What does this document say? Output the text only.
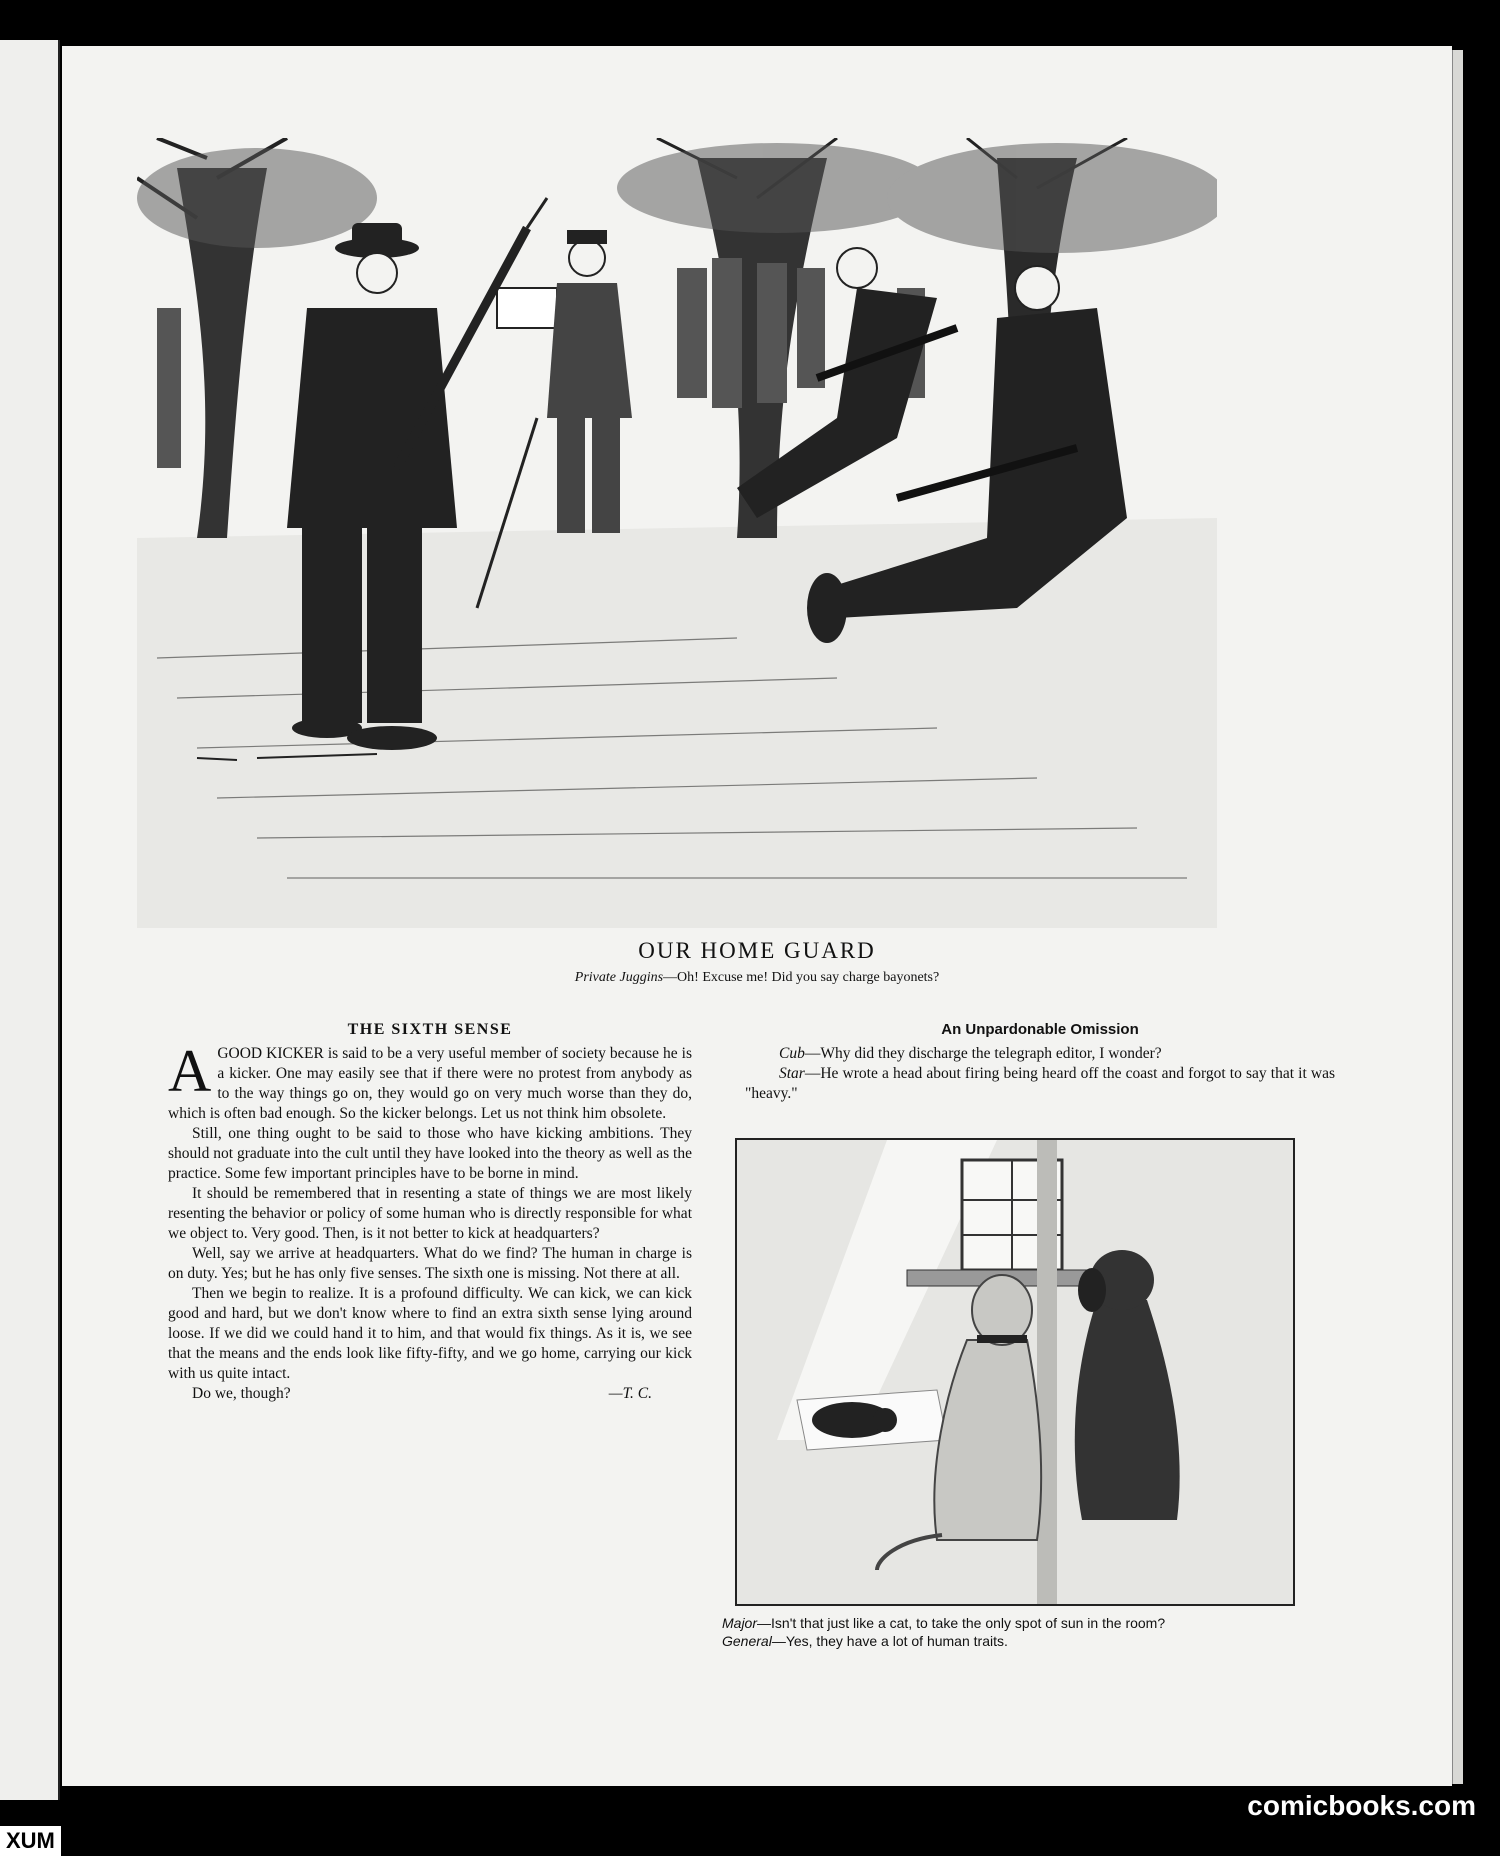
OUR HOME GUARD
Private Juggins—Oh! Excuse me! Did you say charge bayonets?
THE SIXTH SENSE

AGOOD KICKER is said to be a very useful member of society because he is a kicker. One may easily see that if there were no protest from anybody as to the way things go on, they would go on very much worse than they do, which is often bad enough. So the kicker belongs. Let us not think him obsolete.

Still, one thing ought to be said to those who have kicking ambitions. They should not graduate into the cult until they have looked into the theory as well as the practice. Some few important principles have to be borne in mind.

It should be remembered that in resenting a state of things we are most likely resenting the behavior or policy of some human who is directly responsible for what we object to. Very good. Then, is it not better to kick at headquarters?

Well, say we arrive at headquarters. What do we find? The human in charge is on duty. Yes; but he has only five senses. The sixth one is missing. Not there at all.

Then we begin to realize. It is a profound difficulty. We can kick, we can kick good and hard, but we don't know where to find an extra sixth sense lying around loose. If we did we could hand it to him, and that would fix things. As it is, we see that the means and the ends look like fifty-fifty, and we go home, carrying our kick with us quite intact.

Do we, though?	—T. C.
An Unpardonable Omission

Cub—Why did they discharge the telegraph editor, I wonder?

Star—He wrote a head about firing being heard off the coast and forgot to say that it was "heavy."

Major—Isn't that just like a cat, to take the only spot of sun in the room?
General—Yes, they have a lot of human traits.
comicbooks.com
XUM
